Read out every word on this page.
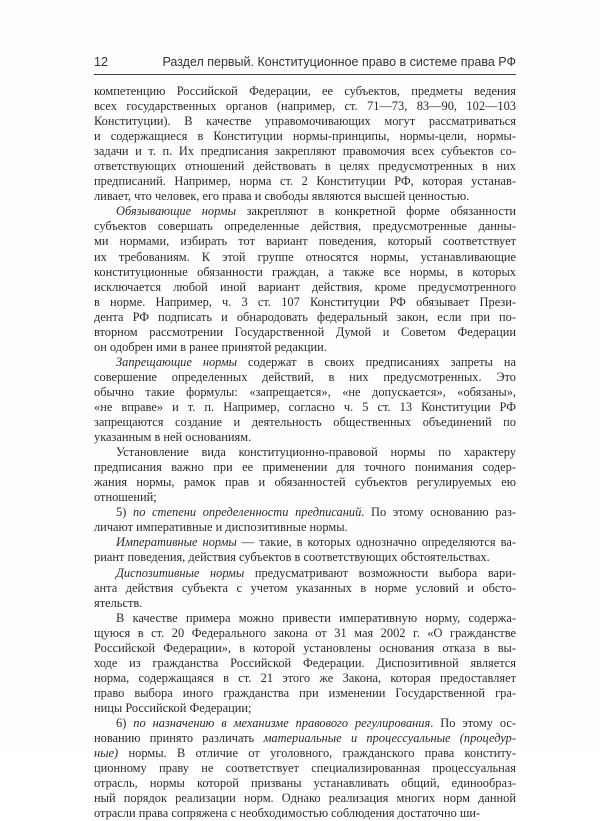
12	Раздел первый. Конституционное право в системе права РФ
компетенцию Российской Федерации, ее субъектов, предметы ведения
всех государственных органов (например, ст. 71—73, 83—90, 102—103
Конституции). В качестве управомочивающих могут рассматриваться
и содержащиеся в Конституции нормы-принципы, нормы-цели, нормы-
задачи и т. п. Их предписания закрепляют правомочия всех субъектов со-
ответствующих отношений действовать в целях предусмотренных в них
предписаний. Например, норма ст. 2 Конституции РФ, которая устанав-
ливает, что человек, его права и свободы являются высшей ценностью.
Обязывающие нормы закрепляют в конкретной форме обязанности
субъектов совершать определенные действия, предусмотренные данны-
ми нормами, избирать тот вариант поведения, который соответствует
их требованиям. К этой группе относятся нормы, устанавливающие
конституционные обязанности граждан, а также все нормы, в которых
исключается любой иной вариант действия, кроме предусмотренного
в норме. Например, ч. 3 ст. 107 Конституции РФ обязывает Прези-
дента РФ подписать и обнародовать федеральный закон, если при по-
вторном рассмотрении Государственной Думой и Советом Федерации
он одобрен ими в ранее принятой редакции.
Запрещающие нормы содержат в своих предписаниях запреты на
совершение определенных действий, в них предусмотренных. Это
обычно такие формулы: «запрещается», «не допускается», «обязаны»,
«не вправе» и т. п. Например, согласно ч. 5 ст. 13 Конституции РФ
запрещаются создание и деятельность общественных объединений по
указанным в ней основаниям.
Установление вида конституционно-правовой нормы по характеру
предписания важно при ее применении для точного понимания содер-
жания нормы, рамок прав и обязанностей субъектов регулируемых ею
отношений;
5) по степени определенности предписаний. По этому основанию раз-
личают императивные и диспозитивные нормы.
Императивные нормы — такие, в которых однозначно определяются ва-
риант поведения, действия субъектов в соответствующих обстоятельствах.
Диспозитивные нормы предусматривают возможности выбора вари-
анта действия субъекта с учетом указанных в норме условий и обсто-
ятельств.
В качестве примера можно привести императивную норму, содержа-
щуюся в ст. 20 Федерального закона от 31 мая 2002 г. «О гражданстве
Российской Федерации», в которой установлены основания отказа в вы-
ходе из гражданства Российской Федерации. Диспозитивной является
норма, содержащаяся в ст. 21 этого же Закона, которая предоставляет
право выбора иного гражданства при изменении Государственной гра-
ницы Российской Федерации;
6) по назначению в механизме правового регулирования. По этому ос-
нованию принято различать материальные и процессуальные (процедур-
ные) нормы. В отличие от уголовного, гражданского права конститу-
ционному праву не соответствует специализированная процессуальная
отрасль, нормы которой призваны устанавливать общий, единообраз-
ный порядок реализации норм. Однако реализация многих норм данной
отрасли права сопряжена с необходимостью соблюдения достаточно ши-
